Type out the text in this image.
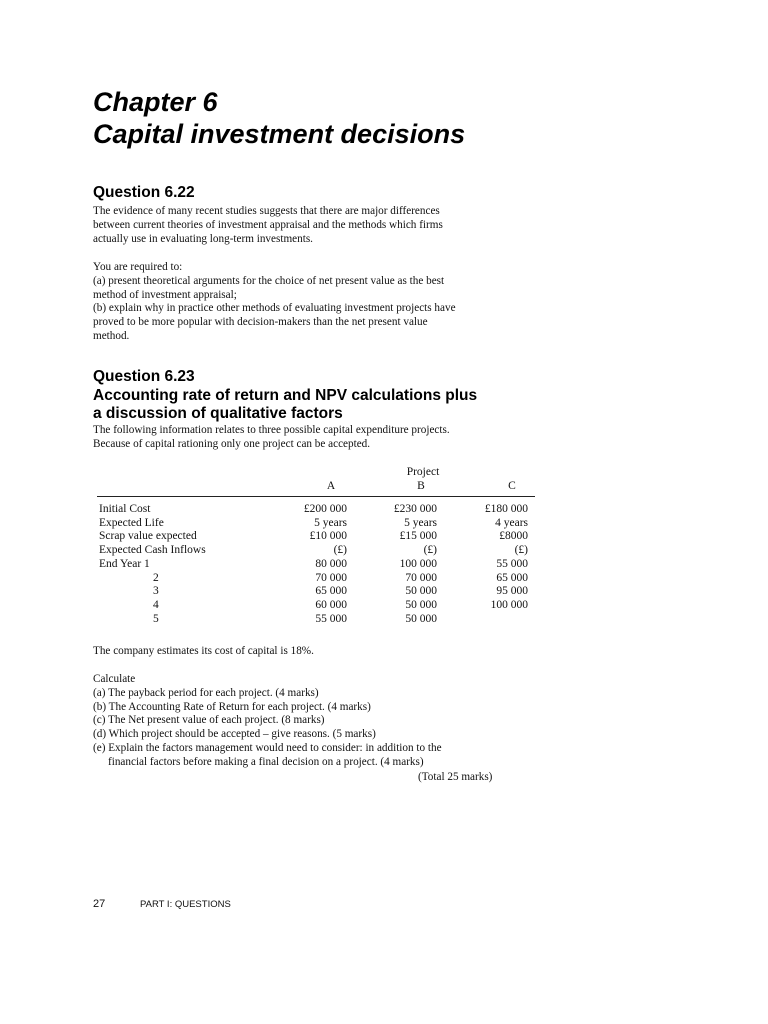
Chapter 6
Capital investment decisions
Question 6.22
The evidence of many recent studies suggests that there are major differences
between current theories of investment appraisal and the methods which firms
actually use in evaluating long-term investments.
You are required to:
(a) present theoretical arguments for the choice of net present value as the best
method of investment appraisal;
(b) explain why in practice other methods of evaluating investment projects have
proved to be more popular with decision-makers than the net present value
method.
Question 6.23
Accounting rate of return and NPV calculations plus
a discussion of qualitative factors
The following information relates to three possible capital expenditure projects.
Because of capital rationing only one project can be accepted.
Project
A	B	C
Initial Cost	£200 000	£230 000	£180 000
Expected Life	5 years	5 years	4 years
Scrap value expected	£10 000	£15 000	£8000
Expected Cash Inflows	(£)	(£)	(£)
End Year 1	80 000	100 000	55 000
2	70 000	70 000	65 000
3	65 000	50 000	95 000
4	60 000	50 000	100 000
5	55 000	50 000
The company estimates its cost of capital is 18%.
Calculate
(a) The payback period for each project. (4 marks)
(b) The Accounting Rate of Return for each project. (4 marks)
(c) The Net present value of each project. (8 marks)
(d) Which project should be accepted – give reasons. (5 marks)
(e) Explain the factors management would need to consider: in addition to the
financial factors before making a final decision on a project. (4 marks)
(Total 25 marks)
27	PART I: QUESTIONS
